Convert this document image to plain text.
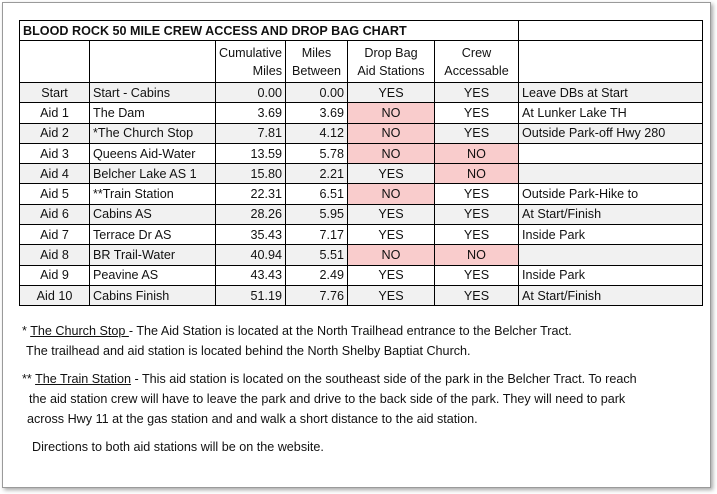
BLOOD ROCK 50 MILE CREW ACCESS AND DROP BAG CHART						
		Cumulative	Miles	Drop Bag	Crew	
		Miles	Between	Aid Stations	Accessable	
Start	Start - Cabins	0.00	0.00	YES	YES	Leave DBs at Start
Aid 1	The Dam	3.69	3.69	NO	YES	At Lunker Lake TH
Aid 2	*The Church Stop	7.81	4.12	NO	YES	Outside Park-off Hwy 280
Aid 3	Queens Aid-Water	13.59	5.78	NO	NO	
Aid 4	Belcher Lake AS 1	15.80	2.21	YES	NO	
Aid 5	**Train Station	22.31	6.51	NO	YES	Outside Park-Hike to
Aid 6	Cabins AS	28.26	5.95	YES	YES	At Start/Finish
Aid 7	Terrace Dr AS	35.43	7.17	YES	YES	Inside Park
Aid 8	BR Trail-Water	40.94	5.51	NO	NO	
Aid 9	Peavine AS	43.43	2.49	YES	YES	Inside Park
Aid 10	Cabins Finish	51.19	7.76	YES	YES	At Start/Finish

* The Church Stop - The Aid Station is located at the North Trailhead entrance to the Belcher Tract.

The trailhead and aid station is located behind the North Shelby Baptiat Church.

** The Train Station - This aid station is located on the southeast side of the park in the Belcher Tract. To reach

the aid station crew will have to leave the park and drive to the back side of the park. They will need to park

across Hwy 11 at the gas station and and walk a short distance to the aid station.

Directions to both aid stations will be on the website.
